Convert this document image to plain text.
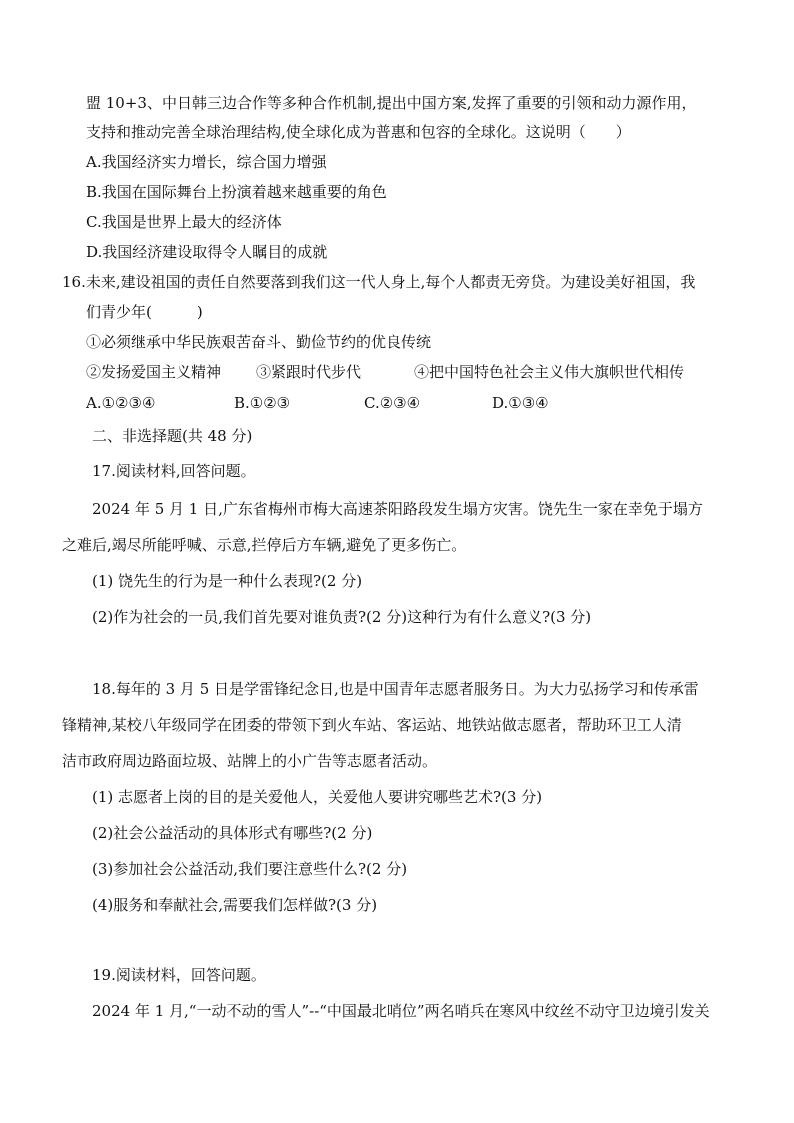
盟 10+3、中日韩三边合作等多种合作机制,提出中国方案,发挥了重要的引领和动力源作用，
支持和推动完善全球治理结构,使全球化成为普惠和包容的全球化。这说明（　　）
A.我国经济实力增长，综合国力增强
B.我国在国际舞台上扮演着越来越重要的角色
C.我国是世界上最大的经济体
D.我国经济建设取得令人瞩目的成就
16.未来,建设祖国的责任自然要落到我们这一代人身上,每个人都责无旁贷。为建设美好祖国，我
们青少年(　　　)
①必须继承中华民族艰苦奋斗、勤俭节约的优良传统
②发扬爱国主义精神 ③紧跟时代步代	④把中国特色社会主义伟大旗帜世代相传
A.①②③④	B.①②③	C.②③④	D.①③④
二、非选择题(共 48 分)
17.阅读材料,回答问题。
2024 年 5 月 1 日,广东省梅州市梅大高速茶阳路段发生塌方灾害。饶先生一家在幸免于塌方
之难后,竭尽所能呼喊、示意,拦停后方车辆,避免了更多伤亡。
(1) 饶先生的行为是一种什么表现?(2 分)
(2)作为社会的一员,我们首先要对谁负责?(2 分)这种行为有什么意义?(3 分)
18.每年的 3 月 5 日是学雷锋纪念日,也是中国青年志愿者服务日。为大力弘扬学习和传承雷
锋精神,某校八年级同学在团委的带领下到火车站、客运站、地铁站做志愿者，帮助环卫工人清
洁市政府周边路面垃圾、站牌上的小广告等志愿者活动。
(1) 志愿者上岗的目的是关爱他人，关爱他人要讲究哪些艺术?(3 分)
(2)社会公益活动的具体形式有哪些?(2 分)
(3)参加社会公益活动,我们要注意些什么?(2 分)
(4)服务和奉献社会,需要我们怎样做?(3 分)
19.阅读材料，回答问题。
2024 年 1 月,“一动不动的雪人”--“中国最北哨位”两名哨兵在寒风中纹丝不动守卫边境引发关
